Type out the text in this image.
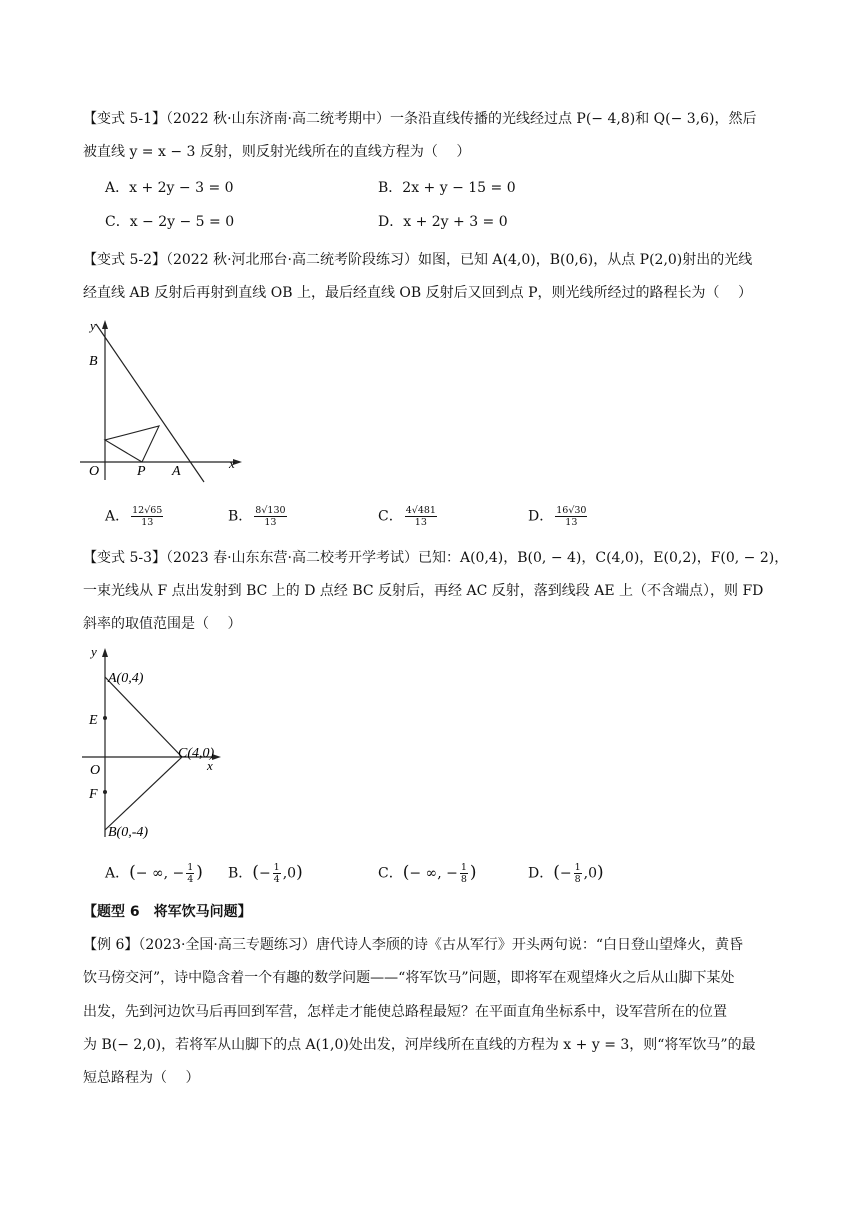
【变式 5-1】（2022 秋·山东济南·高二统考期中）一条沿直线传播的光线经过点 P(− 4,8)和 Q(− 3,6)，然后
被直线 y = x − 3 反射，则反射光线所在的直线方程为（　 ）
A．x + 2y − 3 = 0	B．2x + y − 15 = 0
C．x − 2y − 5 = 0	D．x + 2y + 3 = 0
【变式 5-2】（2022 秋·河北邢台·高二统考阶段练习）如图，已知 A(4,0)，B(0,6)，从点 P(2,0)射出的光线
经直线 AB 反射后再射到直线 OB 上，最后经直线 OB 反射后又回到点 P，则光线所经过的路程长为（　 ）
y
x
B
O	P A
A． $\frac{12√65}{13}$	B． $\frac{8√130}{13}$	C． $\frac{4√481}{13}$	D． $\frac{16√30}{13}$
【变式 5-3】（2023 春·山东东营·高二校考开学考试）已知：A(0,4)，B(0, − 4)，C(4,0)，E(0,2)，F(0, − 2)，
一束光线从 F 点出发射到 BC 上的 D 点经 BC 反射后，再经 AC 反射，落到线段 AE 上（不含端点），则 FD
斜率的取值范围是（　 ）
y
x
A(0,4)
E
O
C(4,0)
F
B(0,-4)
A．(− ∞, − $\frac{1}{4}$ ) B．(− $\frac{1}{4} ,0$)	C．(− ∞, − $\frac{1}{8}$ )	D．(− $\frac{1}{8} ,0$)
【题型 6　将军饮马问题】
【例 6】（2023·全国·高三专题练习）唐代诗人李颀的诗《古从军行》开头两句说：“白日登山望烽火，黄昏
饮马傍交河”，诗中隐含着一个有趣的数学问题——“将军饮马”问题，即将军在观望烽火之后从山脚下某处
出发，先到河边饮马后再回到军营，怎样走才能使总路程最短？在平面直角坐标系中，设军营所在的位置
为 B(− 2,0)，若将军从山脚下的点 A(1,0)处出发，河岸线所在直线的方程为 x + y = 3，则“将军饮马”的最
短总路程为（　 ）
